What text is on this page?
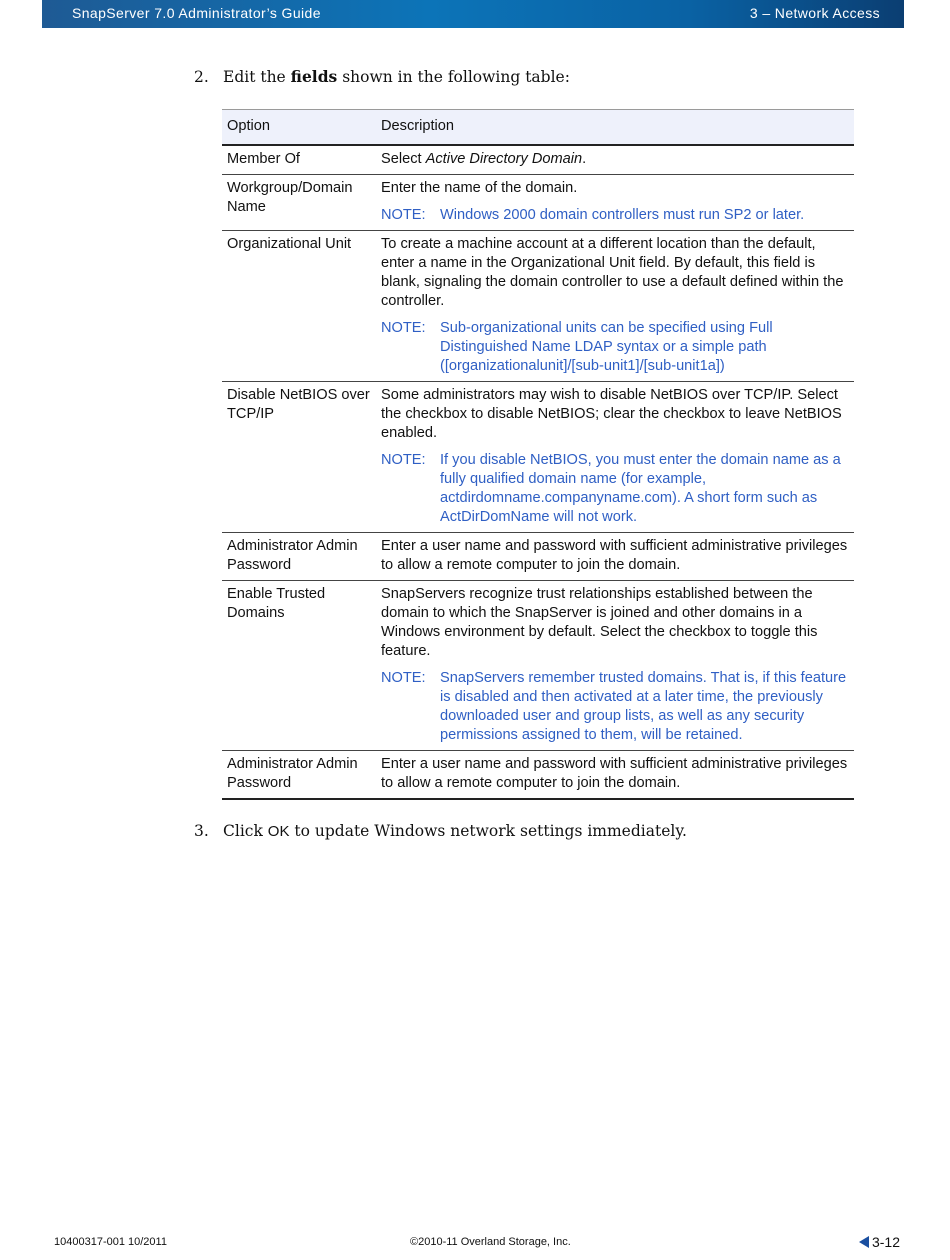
SnapServer 7.0 Administrator’s Guide	3 – Network Access
2. Edit the fields shown in the following table:
Option	Description
Member Of	Select Active Directory Domain.
Workgroup/Domain Name	Enter the name of the domain.

NOTE: Windows 2000 domain controllers must run SP2 or later.

Organizational Unit	To create a machine account at a different location than the default, enter a name in the Organizational Unit field. By default, this field is blank, signaling the domain controller to use a default defined within the controller.

NOTE: Sub-organizational units can be specified using Full Distinguished Name LDAP syntax or a simple path ([organizationalunit]/[sub-unit1]/[sub-unit1a])

Disable NetBIOS over TCP/IP	Some administrators may wish to disable NetBIOS over TCP/IP. Select the checkbox to disable NetBIOS; clear the checkbox to leave NetBIOS enabled.

NOTE: If you disable NetBIOS, you must enter the domain name as a fully qualified domain name (for example, actdirdomname.companyname.com). A short form such as ActDirDomName will not work.

Administrator Admin Password	Enter a user name and password with sufficient administrative privileges to allow a remote computer to join the domain.

Enable Trusted Domains	SnapServers recognize trust relationships established between the domain to which the SnapServer is joined and other domains in a Windows environment by default. Select the checkbox to toggle this feature.

NOTE: SnapServers remember trusted domains. That is, if this feature is disabled and then activated at a later time, the previously downloaded user and group lists, as well as any security permissions assigned to them, will be retained.

Administrator Admin Password	Enter a user name and password with sufficient administrative privileges to allow a remote computer to join the domain.

3. Click OK to update Windows network settings immediately.
10400317-001 10/2011	©2010-11 Overland Storage, Inc.	3-12
